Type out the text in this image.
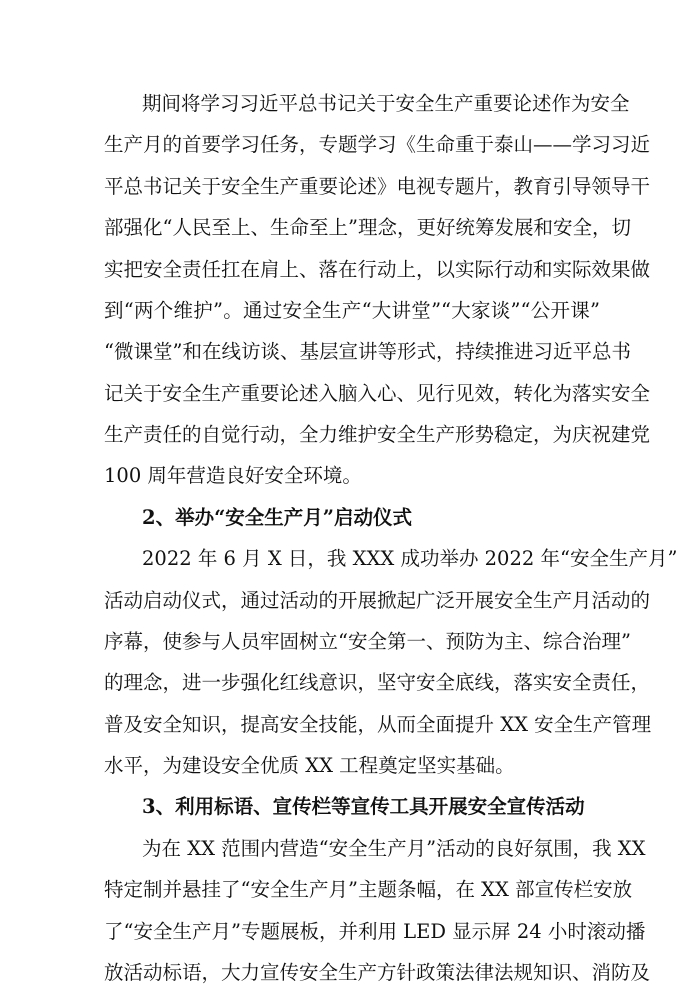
期间将学习习近平总书记关于安全生产重要论述作为安全
生产月的首要学习任务，专题学习《生命重于泰山——学习习近
平总书记关于安全生产重要论述》电视专题片，教育引导领导干
部强化“人民至上、生命至上”理念，更好统筹发展和安全，切
实把安全责任扛在肩上、落在行动上，以实际行动和实际效果做
到“两个维护”。通过安全生产“大讲堂”“大家谈”“公开课”
“微课堂”和在线访谈、基层宣讲等形式，持续推进习近平总书
记关于安全生产重要论述入脑入心、见行见效，转化为落实安全
生产责任的自觉行动，全力维护安全生产形势稳定，为庆祝建党
100 周年营造良好安全环境。
2、举办“安全生产月”启动仪式
2022 年 6 月 X 日，我 XXX 成功举办 2022 年“安全生产月”
活动启动仪式，通过活动的开展掀起广泛开展安全生产月活动的
序幕，使参与人员牢固树立“安全第一、预防为主、综合治理”
的理念，进一步强化红线意识，坚守安全底线，落实安全责任，
普及安全知识，提高安全技能，从而全面提升 XX 安全生产管理
水平，为建设安全优质 XX 工程奠定坚实基础。
3、利用标语、宣传栏等宣传工具开展安全宣传活动
为在 XX 范围内营造“安全生产月”活动的良好氛围，我 XX
特定制并悬挂了“安全生产月”主题条幅，在 XX 部宣传栏安放
了“安全生产月”专题展板，并利用 LED 显示屏 24 小时滚动播
放活动标语，大力宣传安全生产方针政策法律法规知识、消防及
